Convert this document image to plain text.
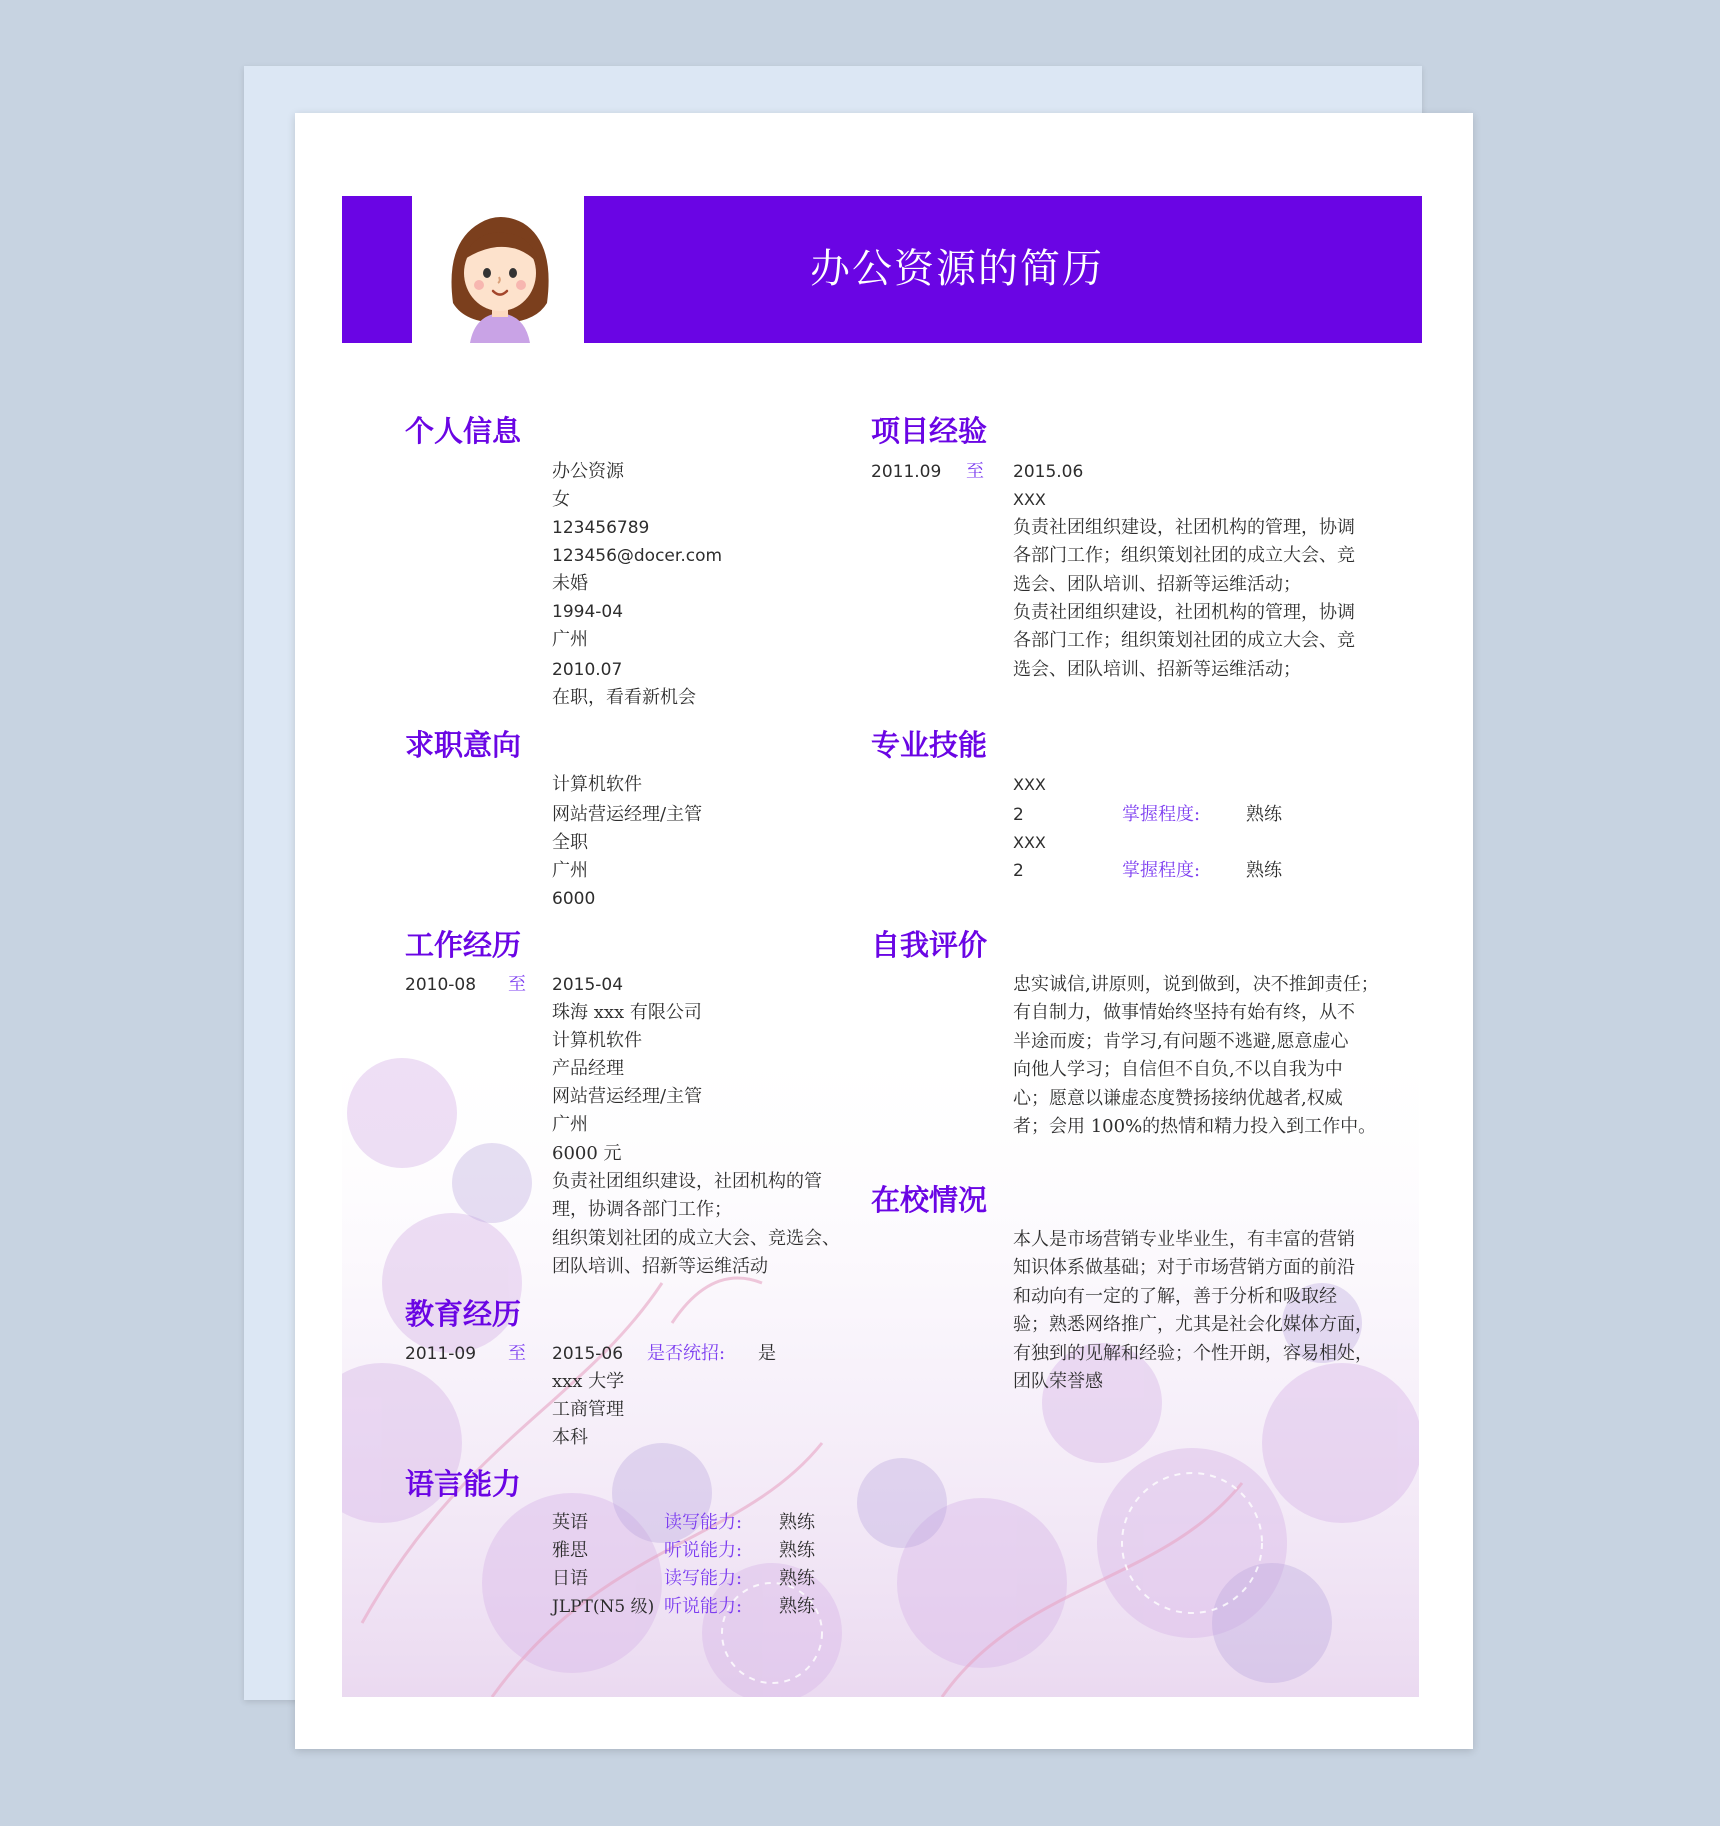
办公资源的简历
个人信息
办公资源
女
123456789
123456@docer.com
未婚
1994-04
广州
2010.07
在职，看看新机会
求职意向
计算机软件
网站营运经理/主管
全职
广州
6000
工作经历
2010-08 至 2015-04
珠海 xxx 有限公司
计算机软件
产品经理
网站营运经理/主管
广州
6000 元
负责社团组织建设，社团机构的管
理，协调各部门工作；
组织策划社团的成立大会、竞选会、
团队培训、招新等运维活动
教育经历
2011-09 至 2015-06 是否统招: 是
xxx 大学
工商管理
本科
语言能力
英语	读写能力: 熟练
雅思	听说能力: 熟练
日语	读写能力: 熟练
JLPT(N5 级) 听说能力: 熟练
项目经验
2011.09 至 2015.06
XXX
负责社团组织建设，社团机构的管理，协调
各部门工作；组织策划社团的成立大会、竞
选会、团队培训、招新等运维活动；
负责社团组织建设，社团机构的管理，协调
各部门工作；组织策划社团的成立大会、竞
选会、团队培训、招新等运维活动；
专业技能
XXX
2	掌握程度:	熟练
XXX
2	掌握程度:	熟练
自我评价
忠实诚信,讲原则，说到做到，决不推卸责任；
有自制力，做事情始终坚持有始有终，从不
半途而废；肯学习,有问题不逃避,愿意虚心
向他人学习；自信但不自负,不以自我为中
心；愿意以谦虚态度赞扬接纳优越者,权威
者；会用 100%的热情和精力投入到工作中。
在校情况
本人是市场营销专业毕业生，有丰富的营销
知识体系做基础；对于市场营销方面的前沿
和动向有一定的了解，善于分析和吸取经
验；熟悉网络推广，尤其是社会化媒体方面，
有独到的见解和经验；个性开朗，容易相处，
团队荣誉感
